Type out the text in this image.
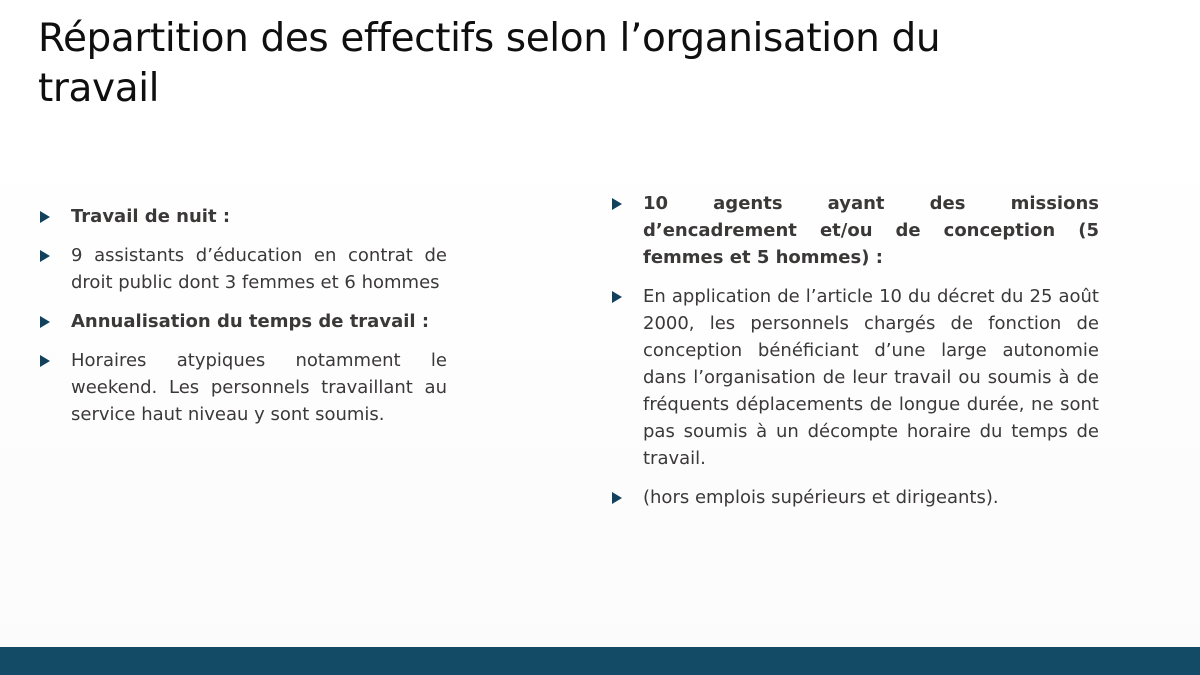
Répartition des effectifs selon l’organisation du travail
Travail de nuit :
9 assistants d’éducation en contrat de droit public dont 3 femmes et 6 hommes
Annualisation du temps de travail :
Horaires atypiques notamment le weekend. Les personnels travaillant au service haut niveau y sont soumis.
10 agents ayant des missions d’encadrement et/ou de conception (5 femmes et 5 hommes) :
En application de l’article 10 du décret du 25 août 2000, les personnels chargés de fonction de conception bénéficiant d’une large autonomie dans l’organisation de leur travail ou soumis à de fréquents déplacements de longue durée, ne sont pas soumis à un décompte horaire du temps de travail.
(hors emplois supérieurs et dirigeants).
